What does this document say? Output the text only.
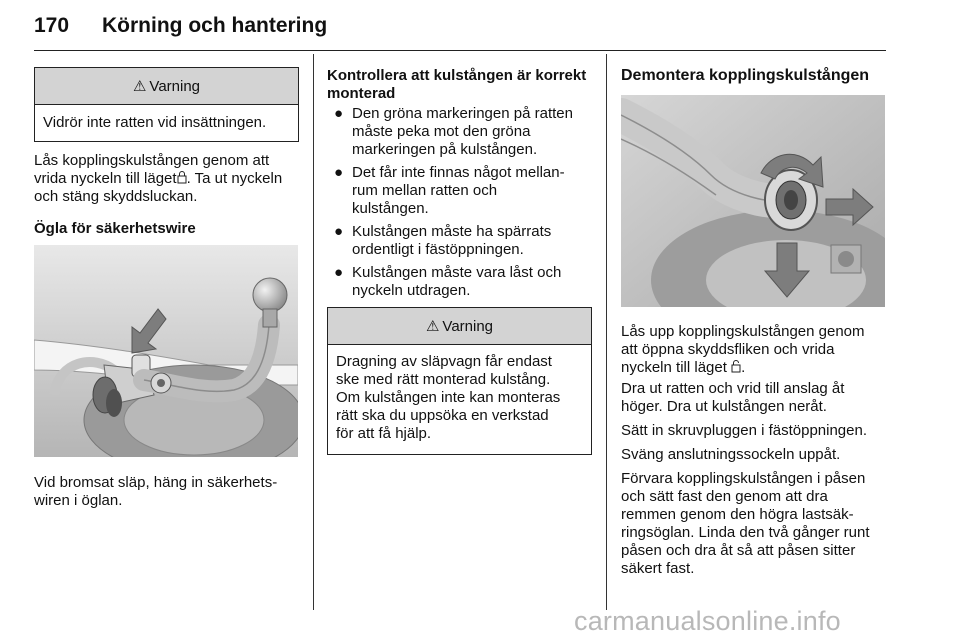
170 Körning och hantering
⚠ Varning
Vidrör inte ratten vid insättningen.
Lås kopplingskulstången genom att
vrida nyckeln till läget . Ta ut nyckeln
och stäng skyddsluckan.
Ögla för säkerhetswire
Vid bromsat släp, häng in säkerhets-
wiren i öglan.
Kontrollera att kulstången är korrekt
monterad
● Den gröna markeringen på ratten
måste peka mot den gröna
markeringen på kulstången.
● Det får inte finnas något mellan-
rum mellan ratten och
kulstången.
● Kulstången måste ha spärrats
ordentligt i fästöppningen.
● Kulstången måste vara låst och
nyckeln utdragen.
⚠ Varning
Dragning av släpvagn får endast
ske med rätt monterad kulstång.
Om kulstången inte kan monteras
rätt ska du uppsöka en verkstad
för att få hjälp.
Demontera kopplingskulstången
Lås upp kopplingskulstången genom
att öppna skyddsfliken och vrida
nyckeln till läget .
Dra ut ratten och vrid till anslag åt
höger. Dra ut kulstången neråt.
Sätt in skruvpluggen i fästöppningen.
Sväng anslutningssockeln uppåt.
Förvara kopplingskulstången i påsen
och sätt fast den genom att dra
remmen genom den högra lastsäk-
ringsöglan. Linda den två gånger runt
påsen och dra åt så att påsen sitter
säkert fast.
carmanualsonline.info
